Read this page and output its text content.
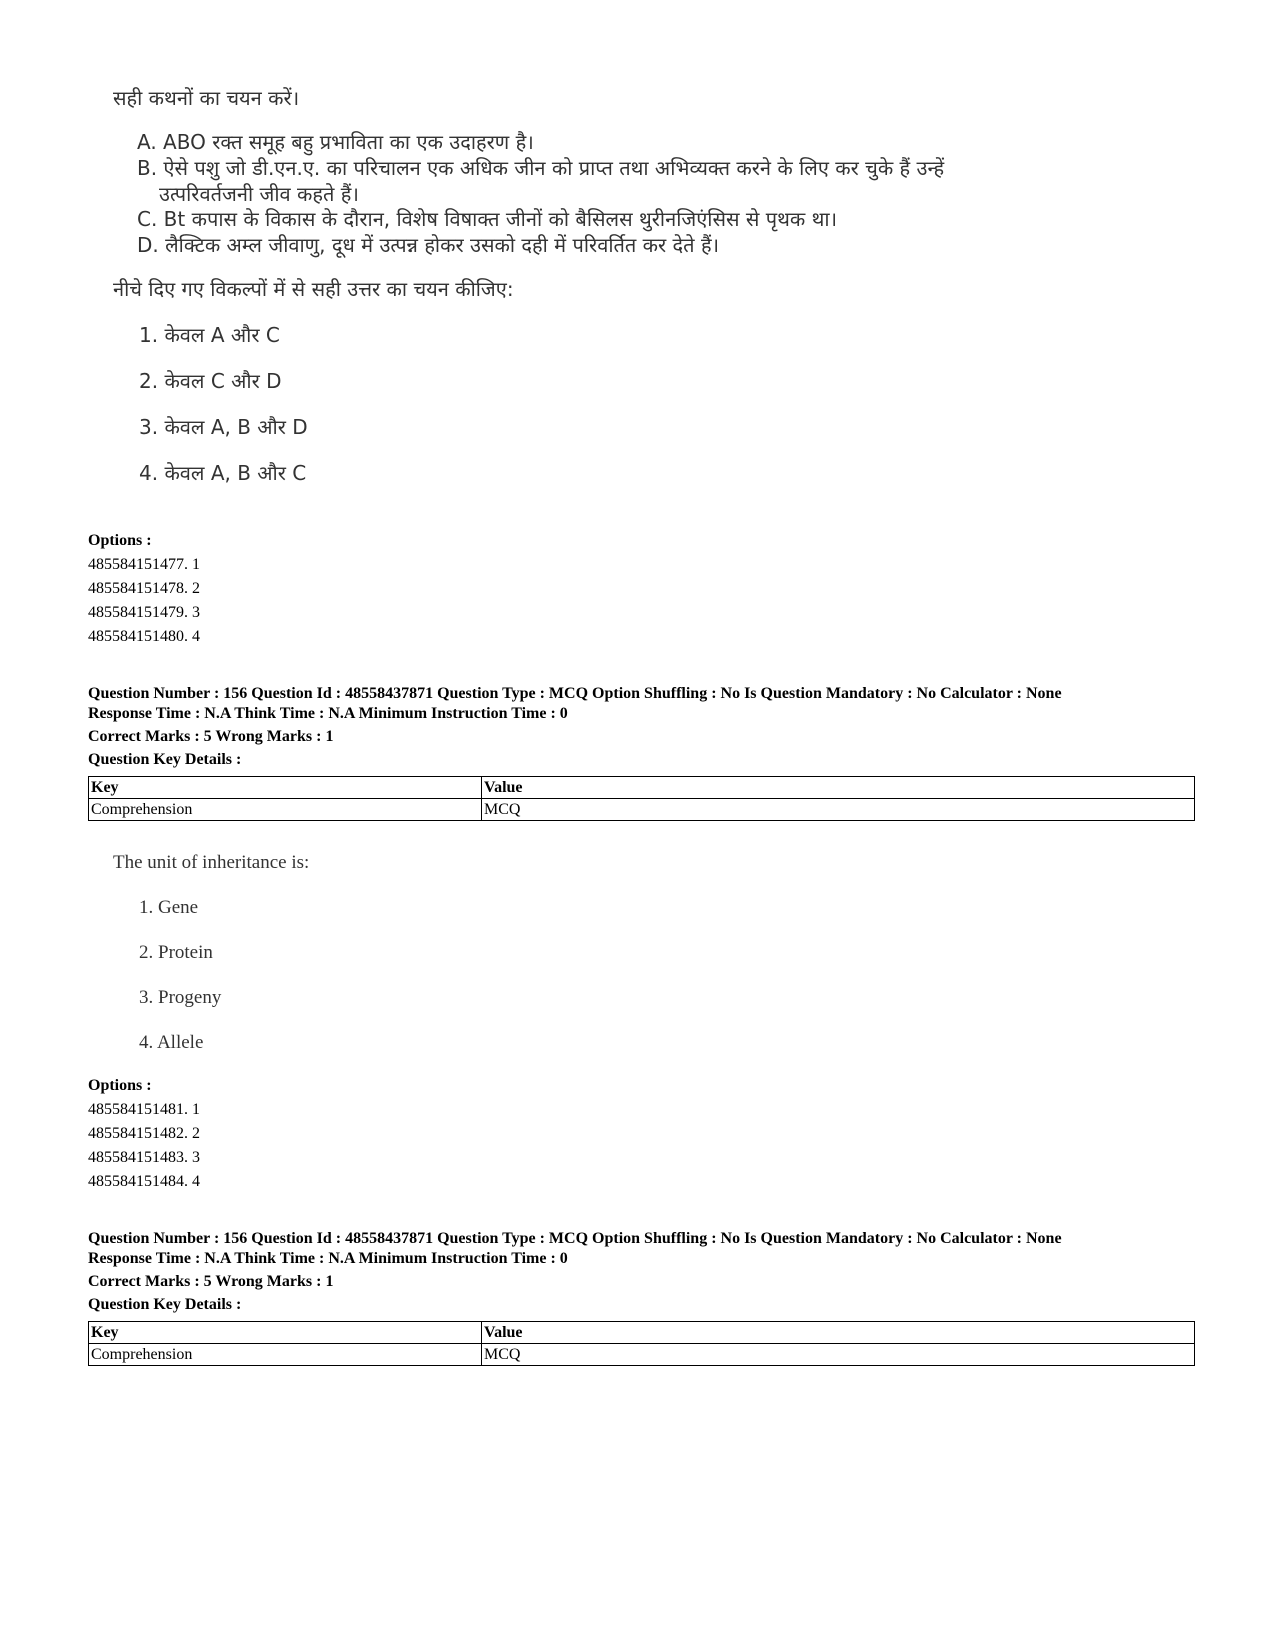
सही कथनों का चयन करें।
A. ABO रक्त समूह बहु प्रभाविता का एक उदाहरण है।
B. ऐसे पशु जो डी.एन.ए. का परिचालन एक अधिक जीन को प्राप्त तथा अभिव्यक्त करने के लिए कर चुके हैं उन्हें
उत्परिवर्तजनी जीव कहते हैं।
C. Bt कपास के विकास के दौरान, विशेष विषाक्त जीनों को बैसिलस थुरीनजिएंसिस से पृथक था।
D. लैक्टिक अम्ल जीवाणु, दूध में उत्पन्न होकर उसको दही में परिवर्तित कर देते हैं।
नीचे दिए गए विकल्पों में से सही उत्तर का चयन कीजिए:
1. केवल A और C
2. केवल C और D
3. केवल A, B और D
4. केवल A, B और C
Options :
485584151477. 1
485584151478. 2
485584151479. 3
485584151480. 4
Question Number : 156 Question Id : 48558437871 Question Type : MCQ Option Shuffling : No Is Question Mandatory : No Calculator : None
Response Time : N.A Think Time : N.A Minimum Instruction Time : 0
Correct Marks : 5 Wrong Marks : 1
Question Key Details :
Key	Value
Comprehension	MCQ
The unit of inheritance is:
1. Gene
2. Protein
3. Progeny
4. Allele
Options :
485584151481. 1
485584151482. 2
485584151483. 3
485584151484. 4
Question Number : 156 Question Id : 48558437871 Question Type : MCQ Option Shuffling : No Is Question Mandatory : No Calculator : None
Response Time : N.A Think Time : N.A Minimum Instruction Time : 0
Correct Marks : 5 Wrong Marks : 1
Question Key Details :
Key	Value
Comprehension	MCQ
